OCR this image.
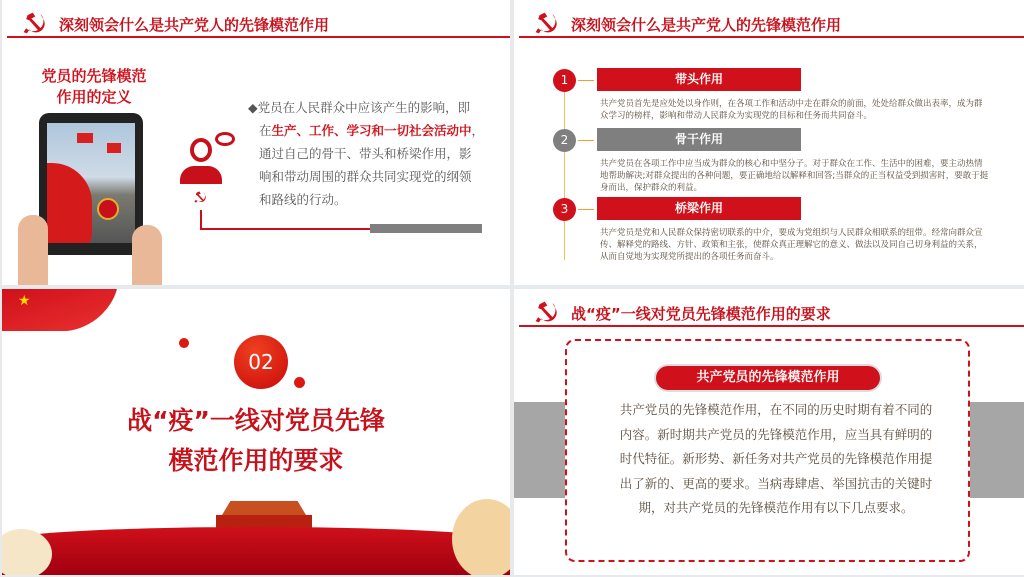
深刻领会什么是共产党人的先锋模范作用
党员的先锋模范
作用的定义
◆党员在人民群众中应该产生的影响，即
在生产、工作、学习和一切社会活动中，
通过自己的骨干、带头和桥梁作用，影
响和带动周围的群众共同实现党的纲领
和路线的行动。
深刻领会什么是共产党人的先锋模范作用
1	带头作用
共产党员首先是应处处以身作则，在各项工作和活动中走在群众的前面，处处给群众做出表率，成为群众学习的榜样，影响和带动人民群众为实现党的目标和任务而共同奋斗。
2	骨干作用
共产党员在各项工作中应当成为群众的核心和中坚分子。对于群众在工作、生活中的困难，要主动热情地帮助解决;对群众提出的各种问题，要正确地给以解释和回答;当群众的正当权益受到损害时，要敢于挺身而出，保护群众的利益。
3	桥梁作用
共产党员是党和人民群众保持密切联系的中介，要成为党组织与人民群众相联系的纽带。经常向群众宣传、解释党的路线、方针、政策和主张，使群众真正理解它的意义、做法以及同自己切身利益的关系，从而自觉地为实现党所提出的各项任务而奋斗。
★
02
战“疫”一线对党员先锋
模范作用的要求
战“疫”一线对党员先锋模范作用的要求
共产党员的先锋模范作用
共产党员的先锋模范作用，在不同的历史时期有着不同的内容。新时期共产党员的先锋模范作用，应当具有鲜明的时代特征。新形势、新任务对共产党员的先锋模范作用提出了新的、更高的要求。当病毒肆虐、举国抗击的关键时期，对共产党员的先锋模范作用有以下几点要求。
